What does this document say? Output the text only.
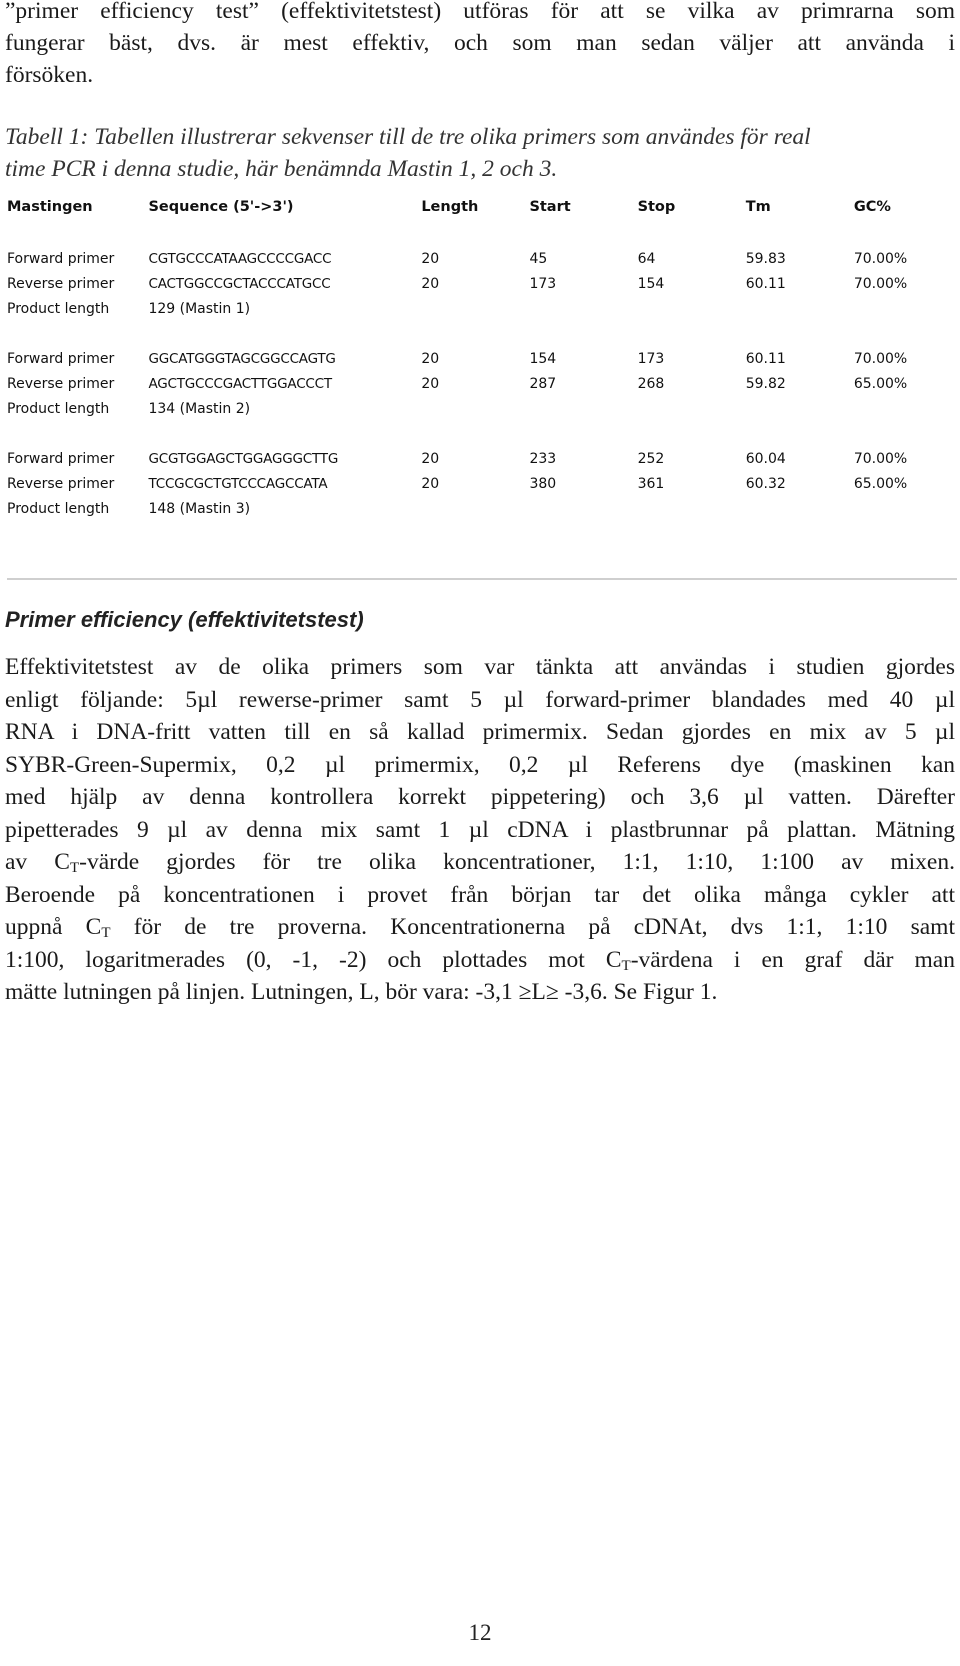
”primer efficiency test” (effektivitetstest) utföras för att se vilka av primrarna som
fungerar bäst, dvs. är mest effektiv, och som man sedan väljer att använda i
försöken.
Tabell 1: Tabellen illustrerar sekvenser till de tre olika primers som användes för real
time PCR i denna studie, här benämnda Mastin 1, 2 och 3.
Mastingen	Sequence (5'->3')	Length	Start	Stop	Tm	GC%

Forward primer	CGTGCCCATAAGCCCCGACC	20	45	64	59.83	70.00%
Reverse primer	CACTGGCCGCTACCCATGCC	20	173	154	60.11	70.00%
Product length	129 (Mastin 1)					

Forward primer	GGCATGGGTAGCGGCCAGTG	20	154	173	60.11	70.00%
Reverse primer	AGCTGCCCGACTTGGACCCT	20	287	268	59.82	65.00%
Product length	134 (Mastin 2)					

Forward primer	GCGTGGAGCTGGAGGGCTTG	20	233	252	60.04	70.00%
Reverse primer	TCCGCGCTGTCCCAGCCATA	20	380	361	60.32	65.00%
Product length	148 (Mastin 3)					
Primer efficiency (effektivitetstest)
Effektivitetstest av de olika primers som var tänkta att användas i studien gjordes
enligt följande: 5µl rewerse-primer samt 5 µl forward-primer blandades med 40 µl
RNA i DNA-fritt vatten till en så kallad primermix. Sedan gjordes en mix av 5 µl
SYBR-Green-Supermix, 0,2 µl primermix, 0,2 µl Referens dye (maskinen kan
med hjälp av denna kontrollera korrekt pippetering) och 3,6 µl vatten. Därefter
pipetterades 9 µl av denna mix samt 1 µl cDNA i plastbrunnar på plattan. Mätning
av $C_T$-värde gjordes för tre olika koncentrationer, 1:1, 1:10, 1:100 av mixen.
Beroende på koncentrationen i provet från början tar det olika många cykler att
uppnå $C_T$ för de tre proverna. Koncentrationerna på cDNAt, dvs 1:1, 1:10 samt
1:100, logaritmerades (0, -1, -2) och plottades mot $C_T$-värdena i en graf där man
mätte lutningen på linjen. Lutningen, L, bör vara: -3,1 ≥L≥ -3,6. Se Figur 1.
12
